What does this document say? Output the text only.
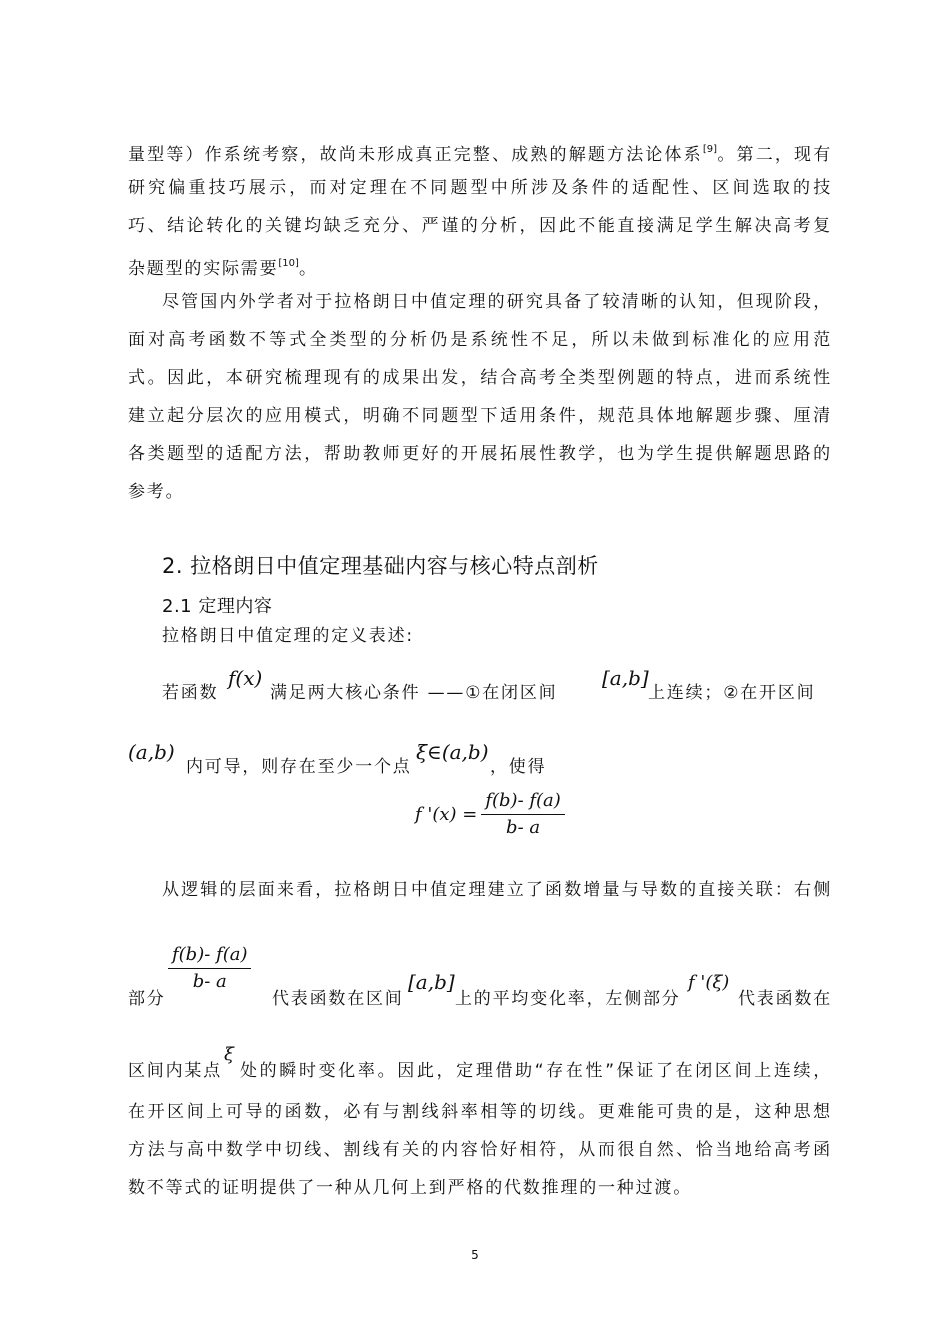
量型等）作系统考察，故尚未形成真正完整、成熟的解题方法论体系[9]。第二，现有
研究偏重技巧展示，而对定理在不同题型中所涉及条件的适配性、区间选取的技
巧、结论转化的关键均缺乏充分、严谨的分析，因此不能直接满足学生解决高考复
杂题型的实际需要[10]。
尽管国内外学者对于拉格朗日中值定理的研究具备了较清晰的认知，但现阶段，
面对高考函数不等式全类型的分析仍是系统性不足，所以未做到标准化的应用范
式。因此，本研究梳理现有的成果出发，结合高考全类型例题的特点，进而系统性
建立起分层次的应用模式，明确不同题型下适用条件，规范具体地解题步骤、厘清
各类题型的适配方法，帮助教师更好的开展拓展性教学，也为学生提供解题思路的
参考。
2. 拉格朗日中值定理基础内容与核心特点剖析
2.1 定理内容
拉格朗日中值定理的定义表述:
若函数
f(x)
满足两大核心条件 ——①在闭区间
[a,b]
上连续；②在开区间
(a,b)
内可导，则存在至少一个点
ξ∈(a,b)
，使得
f '$(x) = \frac{f(b)- f(a)}{b- a}$
从逻辑的层面来看，拉格朗日中值定理建立了函数增量与导数的直接关联：右侧
部分
$\frac{f(b)- f(a)}{b- a}$
代表函数在区间
[a,b]
上的平均变化率，左侧部分
f '(ξ)
代表函数在
区间内某点
ξ
处的瞬时变化率。因此，定理借助“存在性”保证了在闭区间上连续，
在开区间上可导的函数，必有与割线斜率相等的切线。更难能可贵的是，这种思想
方法与高中数学中切线、割线有关的内容恰好相符，从而很自然、恰当地给高考函
数不等式的证明提供了一种从几何上到严格的代数推理的一种过渡。
5
